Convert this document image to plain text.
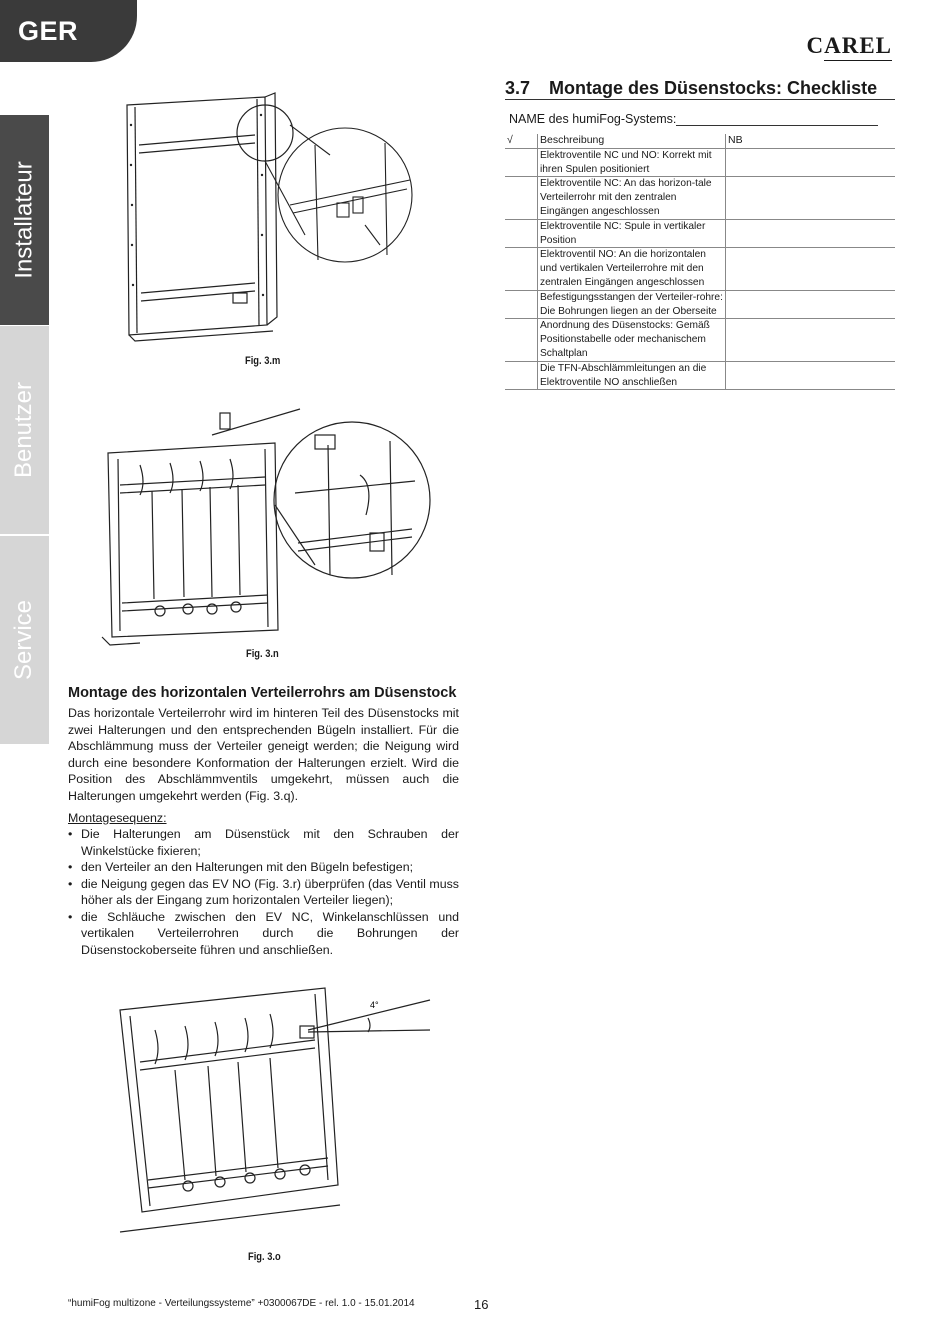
GER	CAREL
Installateur
Benutzer
Service
Fig. 3.m
Fig. 3.n
3.7 Montage des Düsenstocks: Checkliste
NAME des humiFog-Systems:
√	Beschreibung	NB
	Elektroventile NC und NO: Korrekt mit ihren Spulen positioniert	
	Elektroventile NC: An das horizon-tale Verteilerrohr mit den zentralen Eingängen angeschlossen	
	Elektroventile NC: Spule in vertikaler Position	
	Elektroventil NO: An die horizontalen und vertikalen Verteilerrohre mit den zentralen Eingängen angeschlossen	
	Befestigungsstangen der Verteiler-rohre: Die Bohrungen liegen an der Oberseite	
	Anordnung des Düsenstocks: Gemäß Positionstabelle oder mechanischem Schaltplan	
	Die TFN-Abschlämmleitungen an die Elektroventile NO anschließen	
Montage des horizontalen Verteilerrohrs am Düsenstock
Das horizontale Verteilerrohr wird im hinteren Teil des Düsenstocks mit zwei Halterungen und den entsprechenden Bügeln installiert. Für die Abschlämmung muss der Verteiler geneigt werden; die Neigung wird durch eine besondere Konformation der Halterungen erzielt. Wird die Position des Abschlämmventils umgekehrt, müssen auch die Halterungen umgekehrt werden (Fig. 3.q).
Montagesequenz:
• Die Halterungen am Düsenstück mit den Schrauben der Winkelstücke fixieren;
• den Verteiler an den Halterungen mit den Bügeln befestigen;
• die Neigung gegen das EV NO (Fig. 3.r) überprüfen (das Ventil muss höher als der Eingang zum horizontalen Verteiler liegen);
• die Schläuche zwischen den EV NC, Winkelanschlüssen und vertikalen Verteilerrohren durch die Bohrungen der Düsenstockoberseite führen und anschließen.
4°
Fig. 3.o
“humiFog multizone - Verteilungssysteme” +0300067DE - rel. 1.0 - 15.01.2014	16
